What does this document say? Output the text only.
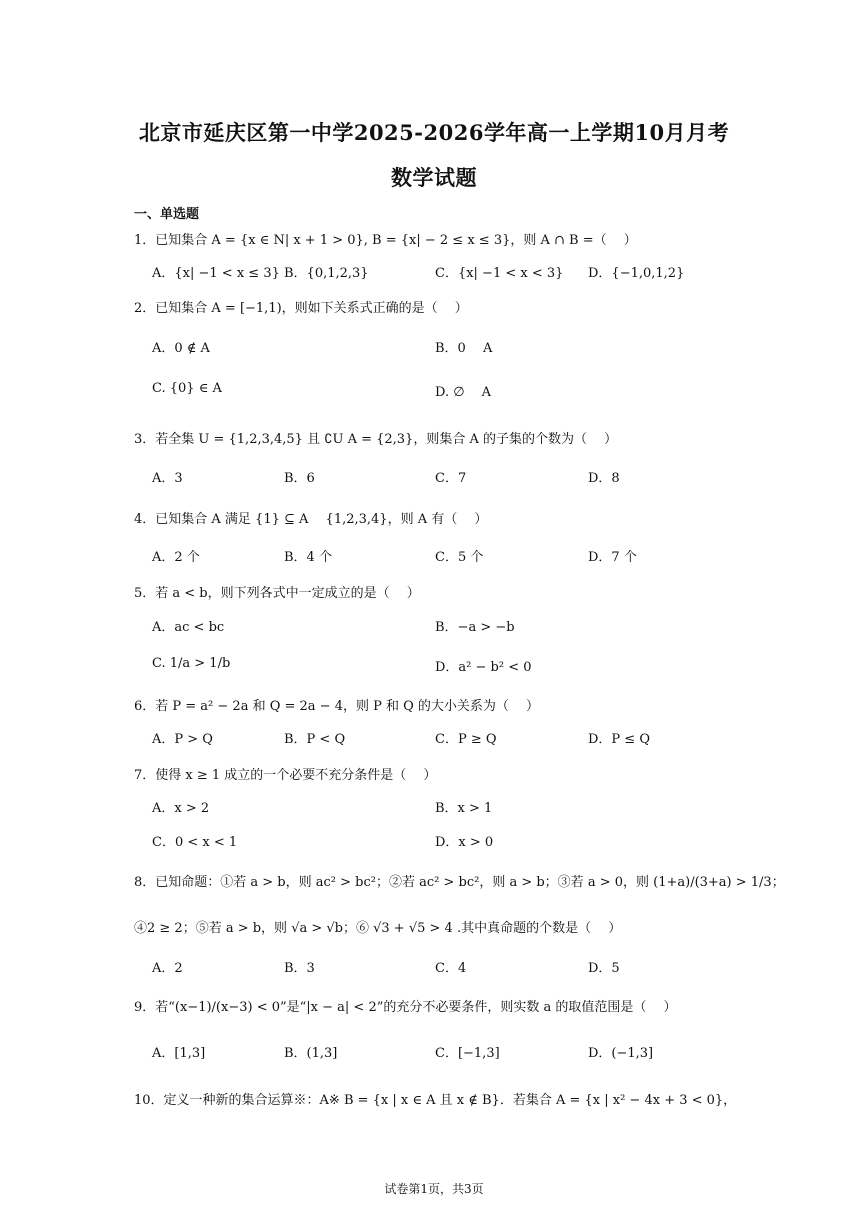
北京市延庆区第一中学2025-2026学年高一上学期10月月考
数学试题
一、单选题
1．已知集合 A = {x ∈ N| x + 1 > 0}, B = {x| − 2 ≤ x ≤ 3}，则 A ∩ B =（　 ）
A．{x| −1 < x ≤ 3} B．{0,1,2,3}	C．{x| −1 < x < 3} D．{−1,0,1,2}
2．已知集合 A = [−1,1)，则如下关系式正确的是（　 ）
A．0 ∉ A	B．0　 A
C. {0} ∈ A	D. ∅　 A
3．若全集 U = {1,2,3,4,5} 且 ∁U A = {2,3}，则集合 A 的子集的个数为（　 ）
A．3	B．6	C．7	D．8
4．已知集合 A 满足 {1} ⊆ A　 {1,2,3,4}，则 A 有（　 ）
A．2 个	B．4 个	C．5 个	D．7 个
5．若 a < b，则下列各式中一定成立的是（　 ）
A．ac < bc	B．−a > −b
C. 1/a > 1/b	D．a² − b² < 0
6．若 P = a² − 2a 和 Q = 2a − 4，则 P 和 Q 的大小关系为（　 ）
A．P > Q	B．P < Q	C．P ≥ Q	D．P ≤ Q
7．使得 x ≥ 1 成立的一个必要不充分条件是（　 ）
A．x > 2	B．x > 1
C．0 < x < 1	D．x > 0
8．已知命题：①若 a > b，则 ac² > bc²；②若 ac² > bc²，则 a > b；③若 a > 0，则 (1+a)/(3+a) > 1/3；
④2 ≥ 2；⑤若 a > b，则 √a > √b；⑥ √3 + √5 > 4 .其中真命题的个数是（　 ）
A．2	B．3	C．4	D．5
9．若“(x−1)/(x−3) < 0”是“|x − a| < 2”的充分不必要条件，则实数 a 的取值范围是（　 ）
A．[1,3]	B．(1,3]	C．[−1,3]	D．(−1,3]
10．定义一种新的集合运算※：A※ B = {x | x ∈ A 且 x ∉ B}．若集合 A = {x | x² − 4x + 3 < 0}，
试卷第1页，共3页
